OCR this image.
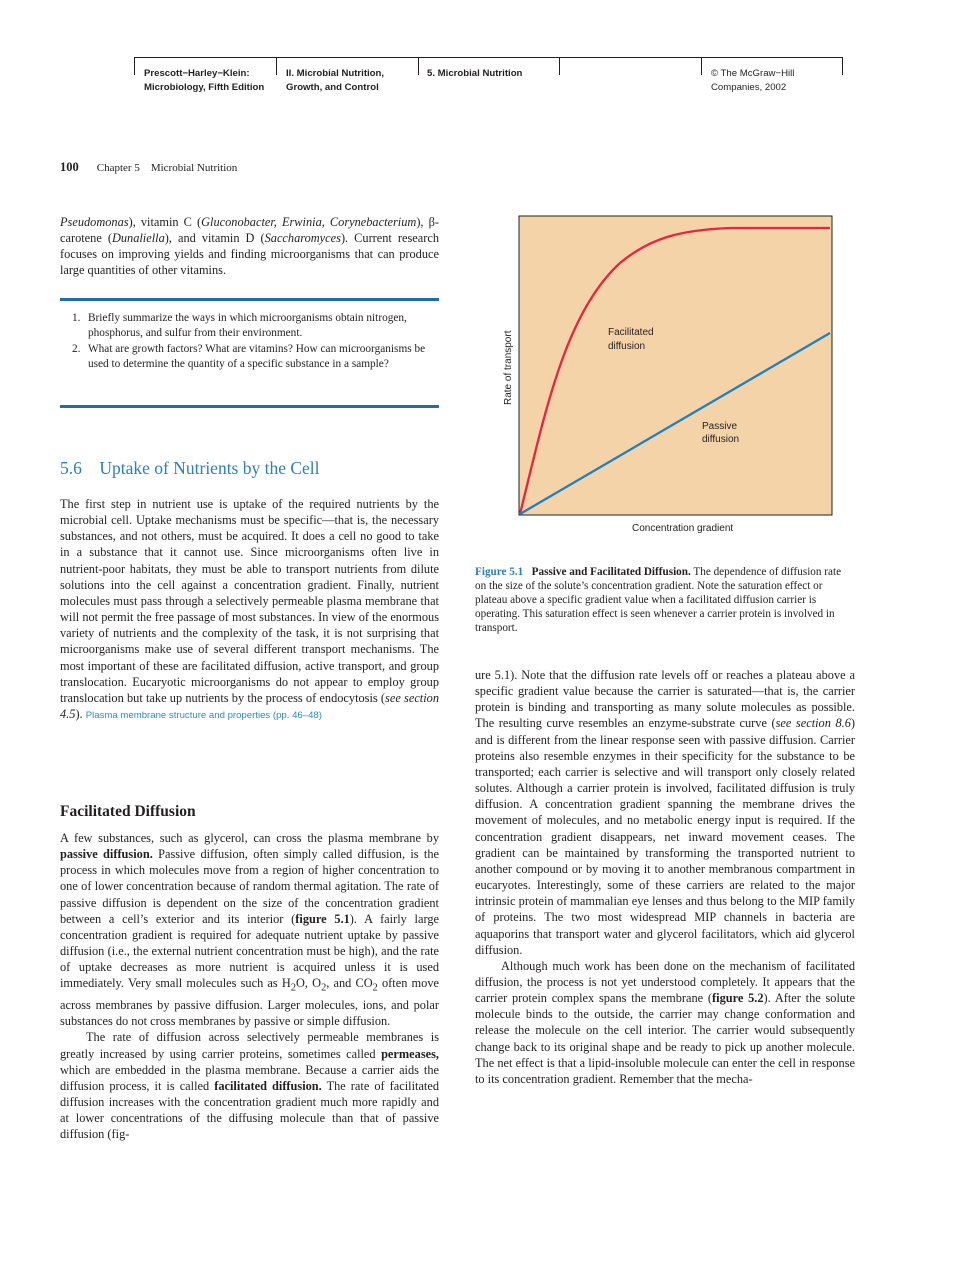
Prescott−Harley−Klein:
Microbiology, Fifth Edition
II. Microbial Nutrition,
Growth, and Control
5. Microbial Nutrition	© The McGraw−Hill
Companies, 2002
100 Chapter 5    Microbial Nutrition

Pseudomonas), vitamin C (Gluconobacter, Erwinia, Corynebacterium), β-carotene (Dunaliella), and vitamin D (Saccharomyces). Current research focuses on improving yields and finding microorganisms that can produce large quantities of other vitamins.

1. Briefly summarize the ways in which microorganisms obtain nitrogen, phosphorus, and sulfur from their environment.
2. What are growth factors? What are vitamins? How can microorganisms be used to determine the quantity of a specific substance in a sample?
5.6    Uptake of Nutrients by the Cell

The first step in nutrient use is uptake of the required nutrients by the microbial cell. Uptake mechanisms must be specific—that is, the necessary substances, and not others, must be acquired. It does a cell no good to take in a substance that it cannot use. Since microorganisms often live in nutrient-poor habitats, they must be able to transport nutrients from dilute solutions into the cell against a concentration gradient. Finally, nutrient molecules must pass through a selectively permeable plasma membrane that will not permit the free passage of most substances. In view of the enormous variety of nutrients and the complexity of the task, it is not surprising that microorganisms make use of several different transport mechanisms. The most important of these are facilitated diffusion, active transport, and group translocation. Eucaryotic microorganisms do not appear to employ group translocation but take up nutrients by the process of endocytosis (see section 4.5). Plasma membrane structure and properties (pp. 46–48)

Facilitated Diffusion

A few substances, such as glycerol, can cross the plasma membrane by passive diffusion. Passive diffusion, often simply called diffusion, is the process in which molecules move from a region of higher concentration to one of lower concentration because of random thermal agitation. The rate of passive diffusion is dependent on the size of the concentration gradient between a cell’s exterior and its interior (figure 5.1). A fairly large concentration gradient is required for adequate nutrient uptake by passive diffusion (i.e., the external nutrient concentration must be high), and the rate of uptake decreases as more nutrient is acquired unless it is used immediately. Very small molecules such as $H_2O$, $O_2$, and $CO_2$ often move across membranes by passive diffusion. Larger molecules, ions, and polar substances do not cross membranes by passive or simple diffusion.

The rate of diffusion across selectively permeable membranes is greatly increased by using carrier proteins, sometimes called permeases, which are embedded in the plasma membrane. Because a carrier aids the diffusion process, it is called facilitated diffusion. The rate of facilitated diffusion increases with the concentration gradient much more rapidly and at lower concentrations of the diffusing molecule than that of passive diffusion (fig-

Facilitated
diffusion
Passive
diffusion
Rate of transport
Concentration gradient
Figure 5.1 Passive and Facilitated Diffusion. The dependence of diffusion rate on the size of the solute’s concentration gradient. Note the saturation effect or plateau above a specific gradient value when a facilitated diffusion carrier is operating. This saturation effect is seen whenever a carrier protein is involved in transport.

ure 5.1). Note that the diffusion rate levels off or reaches a plateau above a specific gradient value because the carrier is saturated—that is, the carrier protein is binding and transporting as many solute molecules as possible. The resulting curve resembles an enzyme-substrate curve (see section 8.6) and is different from the linear response seen with passive diffusion. Carrier proteins also resemble enzymes in their specificity for the substance to be transported; each carrier is selective and will transport only closely related solutes. Although a carrier protein is involved, facilitated diffusion is truly diffusion. A concentration gradient spanning the membrane drives the movement of molecules, and no metabolic energy input is required. If the concentration gradient disappears, net inward movement ceases. The gradient can be maintained by transforming the transported nutrient to another compound or by moving it to another membranous compartment in eucaryotes. Interestingly, some of these carriers are related to the major intrinsic protein of mammalian eye lenses and thus belong to the MIP family of proteins. The two most widespread MIP channels in bacteria are aquaporins that transport water and glycerol facilitators, which aid glycerol diffusion.

Although much work has been done on the mechanism of facilitated diffusion, the process is not yet understood completely. It appears that the carrier protein complex spans the membrane (figure 5.2). After the solute molecule binds to the outside, the carrier may change conformation and release the molecule on the cell interior. The carrier would subsequently change back to its original shape and be ready to pick up another molecule. The net effect is that a lipid-insoluble molecule can enter the cell in response to its concentration gradient. Remember that the mecha-
